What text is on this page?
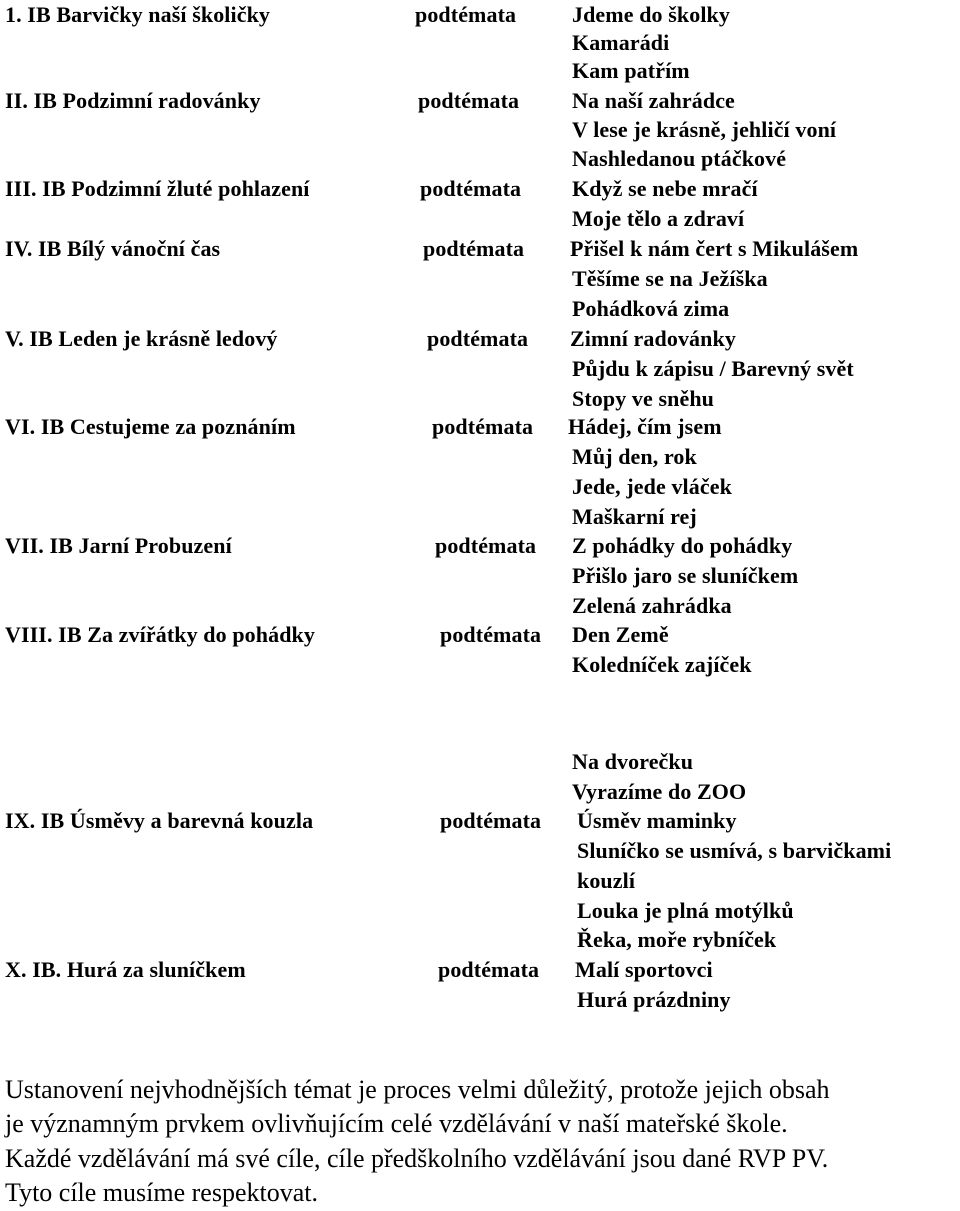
1. IB Barvičky naší školičky	podtémata	Jdeme do školky
Kamarádi
Kam patřím
II. IB Podzimní radovánky	podtémata Na naší zahrádce
V lese je krásně, jehličí voní
Nashledanou ptáčkové
III. IB Podzimní žluté pohlazení	podtémata Když se nebe mračí
Moje tělo a zdraví
IV. IB Bílý vánoční čas	podtémata Přišel k nám čert s Mikulášem
Těšíme se na Ježíška
Pohádková zima
V. IB Leden je krásně ledový	podtémata Zimní radovánky
Půjdu k zápisu / Barevný svět
Stopy ve sněhu
VI. IB Cestujeme za poznáním	podtémata Hádej, čím jsem
Můj den, rok
Jede, jede vláček
Maškarní rej
VII. IB Jarní Probuzení	podtémata Z pohádky do pohádky
Přišlo jaro se sluníčkem
Zelená zahrádka
VIII. IB Za zvířátky do pohádky	podtémata Den Země
Koledníček zajíček
Na dvorečku
Vyrazíme do ZOO
IX. IB Úsměvy a barevná kouzla	podtémata Úsměv maminky
Sluníčko se usmívá, s barvičkami
kouzlí
Louka je plná motýlků
Řeka, moře rybníček
X. IB. Hurá za sluníčkem	podtémata Malí sportovci
Hurá prázdniny
Ustanovení nejvhodnějších témat je proces velmi důležitý, protože jejich obsah
je významným prvkem ovlivňujícím celé vzdělávání v naší mateřské škole.
Každé vzdělávání má své cíle, cíle předškolního vzdělávání jsou dané RVP PV.
Tyto cíle musíme respektovat.
